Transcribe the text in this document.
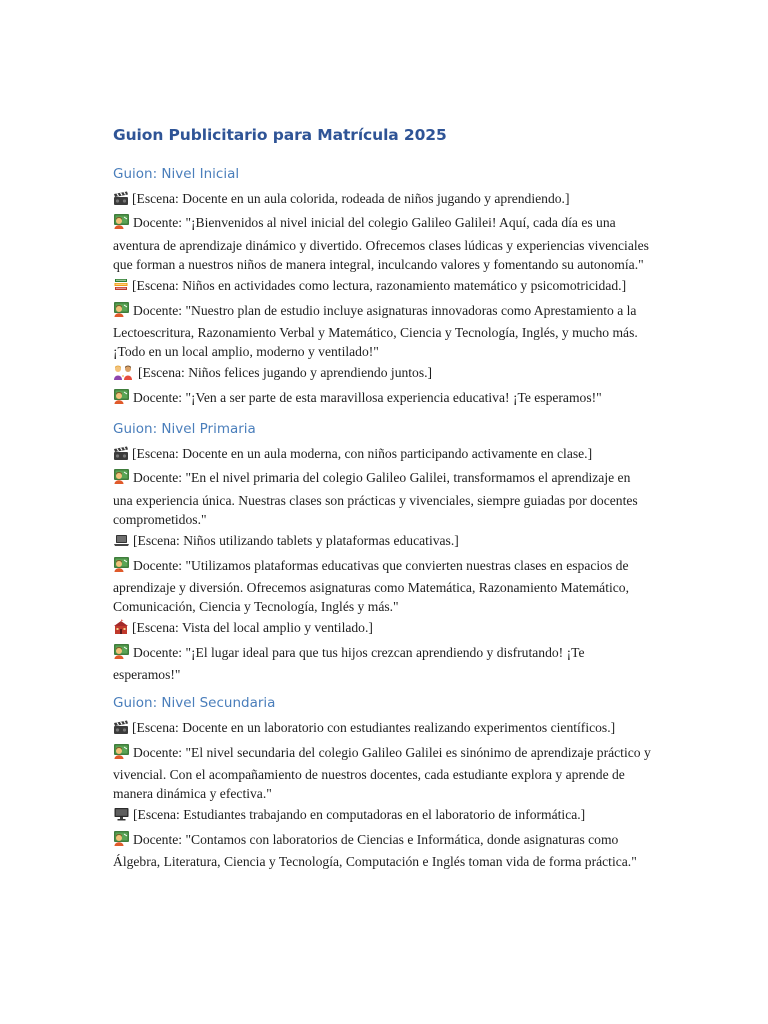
Guion Publicitario para Matrícula 2025
Guion: Nivel Inicial
[Escena: Docente en un aula colorida, rodeada de niños jugando y aprendiendo.]
Docente: "¡Bienvenidos al nivel inicial del colegio Galileo Galilei! Aquí, cada día es una aventura de aprendizaje dinámico y divertido. Ofrecemos clases lúdicas y experiencias vivenciales que forman a nuestros niños de manera integral, inculcando valores y fomentando su autonomía."
[Escena: Niños en actividades como lectura, razonamiento matemático y psicomotricidad.]
Docente: "Nuestro plan de estudio incluye asignaturas innovadoras como Aprestamiento a la Lectoescritura, Razonamiento Verbal y Matemático, Ciencia y Tecnología, Inglés, y mucho más. ¡Todo en un local amplio, moderno y ventilado!"
[Escena: Niños felices jugando y aprendiendo juntos.]
Docente: "¡Ven a ser parte de esta maravillosa experiencia educativa! ¡Te esperamos!"
Guion: Nivel Primaria
[Escena: Docente en un aula moderna, con niños participando activamente en clase.]
Docente: "En el nivel primaria del colegio Galileo Galilei, transformamos el aprendizaje en una experiencia única. Nuestras clases son prácticas y vivenciales, siempre guiadas por docentes comprometidos."
[Escena: Niños utilizando tablets y plataformas educativas.]
Docente: "Utilizamos plataformas educativas que convierten nuestras clases en espacios de aprendizaje y diversión. Ofrecemos asignaturas como Matemática, Razonamiento Matemático, Comunicación, Ciencia y Tecnología, Inglés y más."
[Escena: Vista del local amplio y ventilado.]
Docente: "¡El lugar ideal para que tus hijos crezcan aprendiendo y disfrutando! ¡Te esperamos!"
Guion: Nivel Secundaria
[Escena: Docente en un laboratorio con estudiantes realizando experimentos científicos.]
Docente: "El nivel secundaria del colegio Galileo Galilei es sinónimo de aprendizaje práctico y vivencial. Con el acompañamiento de nuestros docentes, cada estudiante explora y aprende de manera dinámica y efectiva."
[Escena: Estudiantes trabajando en computadoras en el laboratorio de informática.]
Docente: "Contamos con laboratorios de Ciencias e Informática, donde asignaturas como Álgebra, Literatura, Ciencia y Tecnología, Computación e Inglés toman vida de forma práctica."
